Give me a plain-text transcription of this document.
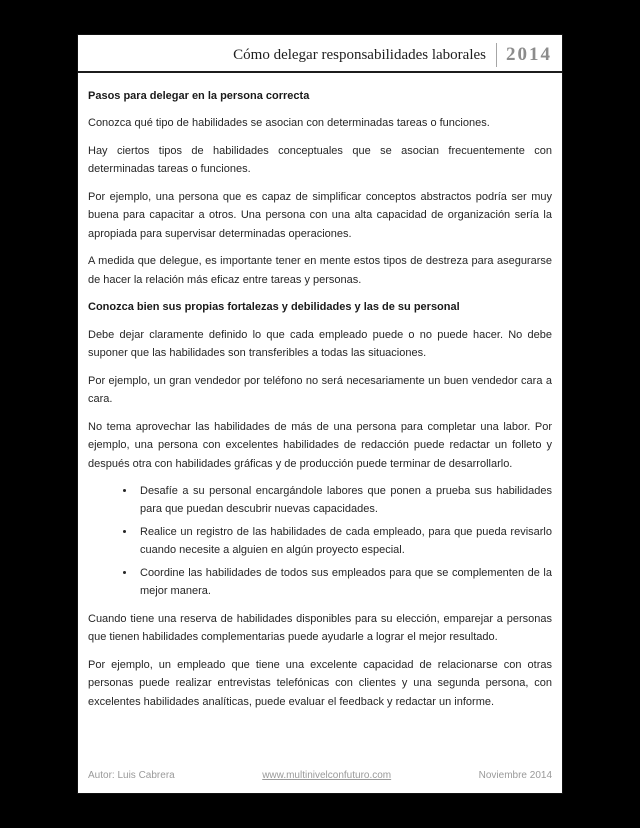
Cómo delegar responsabilidades laborales 2014
Pasos para delegar en la persona correcta

Conozca qué tipo de habilidades se asocian con determinadas tareas o funciones.

Hay ciertos tipos de habilidades conceptuales que se asocian frecuentemente con determinadas tareas o funciones.

Por ejemplo, una persona que es capaz de simplificar conceptos abstractos podría ser muy buena para capacitar a otros. Una persona con una alta capacidad de organización sería la apropiada para supervisar determinadas operaciones.

A medida que delegue, es importante tener en mente estos tipos de destreza para asegurarse de hacer la relación más eficaz entre tareas y personas.

Conozca bien sus propias fortalezas y debilidades y las de su personal

Debe dejar claramente definido lo que cada empleado puede o no puede hacer. No debe suponer que las habilidades son transferibles a todas las situaciones.

Por ejemplo, un gran vendedor por teléfono no será necesariamente un buen vendedor cara a cara.

No tema aprovechar las habilidades de más de una persona para completar una labor. Por ejemplo, una persona con excelentes habilidades de redacción puede redactar un folleto y después otra con habilidades gráficas y de producción puede terminar de desarrollarlo.

• Desafíe a su personal encargándole labores que ponen a prueba sus habilidades para que puedan descubrir nuevas capacidades.
• Realice un registro de las habilidades de cada empleado, para que pueda revisarlo cuando necesite a alguien en algún proyecto especial.
• Coordine las habilidades de todos sus empleados para que se complementen de la mejor manera.

Cuando tiene una reserva de habilidades disponibles para su elección, emparejar a personas que tienen habilidades complementarias puede ayudarle a lograr el mejor resultado.

Por ejemplo, un empleado que tiene una excelente capacidad de relacionarse con otras personas puede realizar entrevistas telefónicas con clientes y una segunda persona, con excelentes habilidades analíticas, puede evaluar el feedback y redactar un informe.

Autor: Luis Cabrera	www.multinivelconfuturo.com	Noviembre 2014
